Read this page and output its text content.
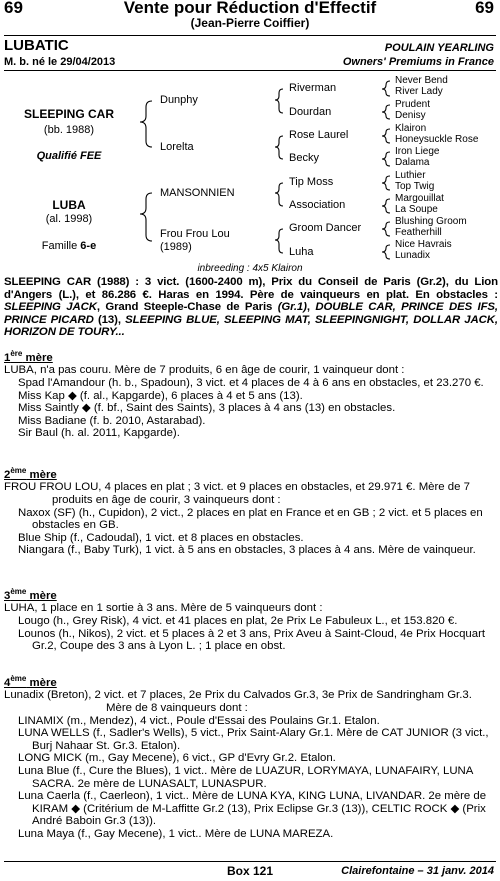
69	Vente pour Réduction d'Effectif	69
(Jean-Pierre Coiffier)
LUBATIC	POULAIN YEARLING
M. b. né le 29/04/2013	Owners' Premiums in France
SLEEPING CAR
(bb. 1988)
Qualifié FEE
LUBA
(al. 1998)
Famille 6-e
Dunphy
Lorelta
MANSONNIEN
Frou Frou Lou
(1989)
Riverman
Dourdan
Rose Laurel
Becky
Tip Moss
Association
Groom Dancer
Luha
Never Bend
River Lady
Prudent
Denisy
Klairon
Honeysuckle Rose
Iron Liege
Dalama
Luthier
Top Twig
Margouillat
La Soupe
Blushing Groom
Featherhill
Nice Havrais
Lunadix
inbreeding : 4x5 Klairon
SLEEPING CAR (1988) : 3 vict. (1600-2400 m), Prix du Conseil de Paris (Gr.2), du Lion d'Angers (L.), et 86.286 €. Haras en 1994. Père de vainqueurs en plat. En obstacles : SLEEPING JACK, Grand Steeple-Chase de Paris (Gr.1), DOUBLE CAR, PRINCE DES IFS, PRINCE PICARD (13), SLEEPING BLUE, SLEEPING MAT, SLEEPINGNIGHT, DOLLAR JACK, HORIZON DE TOURY...
1ère mère
LUBA, n'a pas couru. Mère de 7 produits, 6 en âge de courir, 1 vainqueur dont :
Spad l'Amandour (h. b., Spadoun), 3 vict. et 4 places de 4 à 6 ans en obstacles, et 23.270 €.
Miss Kap ◆ (f. al., Kapgarde), 6 places à 4 et 5 ans (13).
Miss Saintly ◆ (f. bf., Saint des Saints), 3 places à 4 ans (13) en obstacles.
Miss Badiane (f. b. 2010, Astarabad).
Sir Baul (h. al. 2011, Kapgarde).
2ème mère
FROU FROU LOU, 4 places en plat ; 3 vict. et 9 places en obstacles, et 29.971 €. Mère de 7 produits en âge de courir, 3 vainqueurs dont :
Naxox (SF) (h., Cupidon), 2 vict., 2 places en plat en France et en GB ; 2 vict. et 5 places en obstacles en GB.
Blue Ship (f., Cadoudal), 1 vict. et 8 places en obstacles.
Niangara (f., Baby Turk), 1 vict. à 5 ans en obstacles, 3 places à 4 ans. Mère de vainqueur.
3ème mère
LUHA, 1 place en 1 sortie à 3 ans. Mère de 5 vainqueurs dont :
Lougo (h., Grey Risk), 4 vict. et 41 places en plat, 2e Prix Le Fabuleux L., et 153.820 €.
Lounos (h., Nikos), 2 vict. et 5 places à 2 et 3 ans, Prix Aveu à Saint-Cloud, 4e Prix Hocquart Gr.2, Coupe des 3 ans à Lyon L. ; 1 place en obst.
4ème mère
Lunadix (Breton), 2 vict. et 7 places, 2e Prix du Calvados Gr.3, 3e Prix de Sandringham Gr.3. Mère de 8 vainqueurs dont :
LINAMIX (m., Mendez), 4 vict., Poule d'Essai des Poulains Gr.1. Etalon.
LUNA WELLS (f., Sadler's Wells), 5 vict., Prix Saint-Alary Gr.1. Mère de CAT JUNIOR (3 vict., Burj Nahaar St. Gr.3. Etalon).
LONG MICK (m., Gay Mecene), 6 vict., GP d'Evry Gr.2. Etalon.
Luna Blue (f., Cure the Blues), 1 vict.. Mère de LUAZUR, LORYMAYA, LUNAFAIRY, LUNA SACRA. 2e mère de LUNASALT, LUNASPUR.
Luna Caerla (f., Caerleon), 1 vict.. Mère de LUNA KYA, KING LUNA, LIVANDAR. 2e mère de KIRAM ◆ (Critérium de M-Laffitte Gr.2 (13), Prix Eclipse Gr.3 (13)), CELTIC ROCK ◆ (Prix André Baboin Gr.3 (13)).
Luna Maya (f., Gay Mecene), 1 vict.. Mère de LUNA MAREZA.
Box 121	Clairefontaine – 31 janv. 2014
